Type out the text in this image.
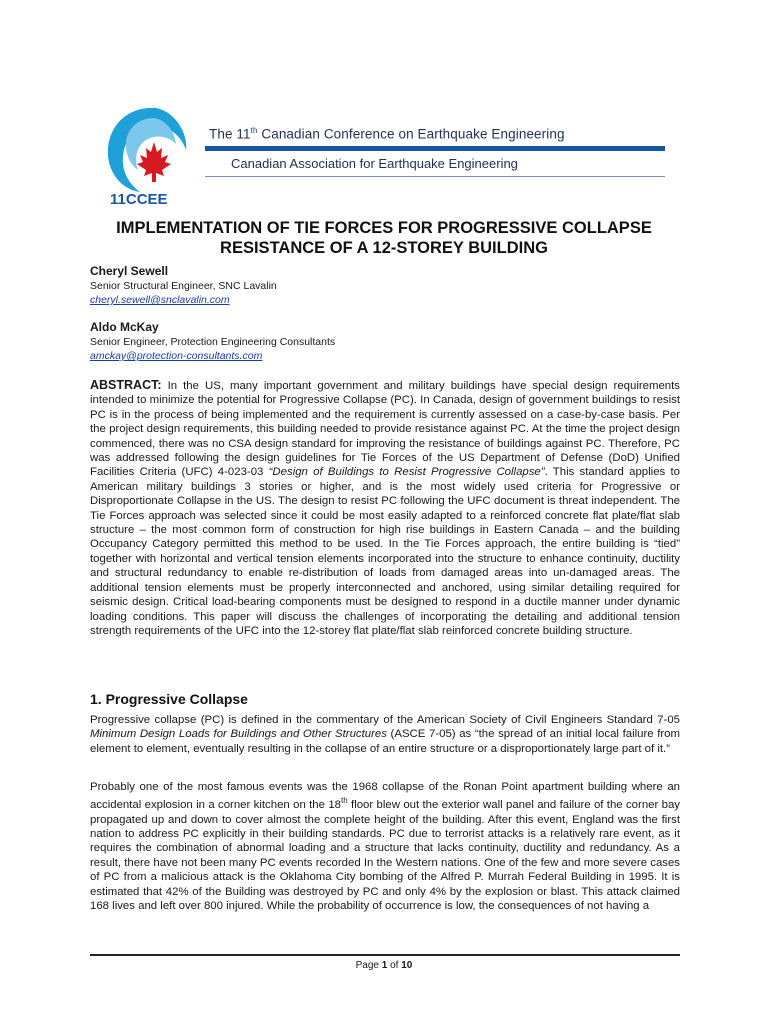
11CCEE
The 11th Canadian Conference on Earthquake Engineering
Canadian Association for Earthquake Engineering
IMPLEMENTATION OF TIE FORCES FOR PROGRESSIVE COLLAPSE
RESISTANCE OF A 12-STOREY BUILDING
Cheryl Sewell
Senior Structural Engineer, SNC Lavalin
cheryl.sewell@snclavalin.com
Aldo McKay
Senior Engineer, Protection Engineering Consultants
amckay@protection-consultants.com
ABSTRACT: In the US, many important government and military buildings have special design requirements intended to minimize the potential for Progressive Collapse (PC). In Canada, design of government buildings to resist PC is in the process of being implemented and the requirement is currently assessed on a case-by-case basis. Per the project design requirements, this building needed to provide resistance against PC. At the time the project design commenced, there was no CSA design standard for improving the resistance of buildings against PC. Therefore, PC was addressed following the design guidelines for Tie Forces of the US Department of Defense (DoD) Unified Facilities Criteria (UFC) 4-023-03 “Design of Buildings to Resist Progressive Collapse”. This standard applies to American military buildings 3 stories or higher, and is the most widely used criteria for Progressive or Disproportionate Collapse in the US. The design to resist PC following the UFC document is threat independent. The Tie Forces approach was selected since it could be most easily adapted to a reinforced concrete flat plate/flat slab structure – the most common form of construction for high rise buildings in Eastern Canada – and the building Occupancy Category permitted this method to be used. In the Tie Forces approach, the entire building is “tied” together with horizontal and vertical tension elements incorporated into the structure to enhance continuity, ductility and structural redundancy to enable re-distribution of loads from damaged areas into un-damaged areas. The additional tension elements must be properly interconnected and anchored, using similar detailing required for seismic design. Critical load-bearing components must be designed to respond in a ductile manner under dynamic loading conditions. This paper will discuss the challenges of incorporating the detailing and additional tension strength requirements of the UFC into the 12-storey flat plate/flat slab reinforced concrete building structure.
1. Progressive Collapse
Progressive collapse (PC) is defined in the commentary of the American Society of Civil Engineers Standard 7-05 Minimum Design Loads for Buildings and Other Structures (ASCE 7-05) as “the spread of an initial local failure from element to element, eventually resulting in the collapse of an entire structure or a disproportionately large part of it.”
Probably one of the most famous events was the 1968 collapse of the Ronan Point apartment building where an accidental explosion in a corner kitchen on the 18th floor blew out the exterior wall panel and failure of the corner bay propagated up and down to cover almost the complete height of the building. After this event, England was the first nation to address PC explicitly in their building standards. PC due to terrorist attacks is a relatively rare event, as it requires the combination of abnormal loading and a structure that lacks continuity, ductility and redundancy. As a result, there have not been many PC events recorded In the Western nations. One of the few and more severe cases of PC from a malicious attack is the Oklahoma City bombing of the Alfred P. Murrah Federal Building in 1995. It is estimated that 42% of the Building was destroyed by PC and only 4% by the explosion or blast. This attack claimed 168 lives and left over 800 injured. While the probability of occurrence is low, the consequences of not having a
Page 1 of 10
